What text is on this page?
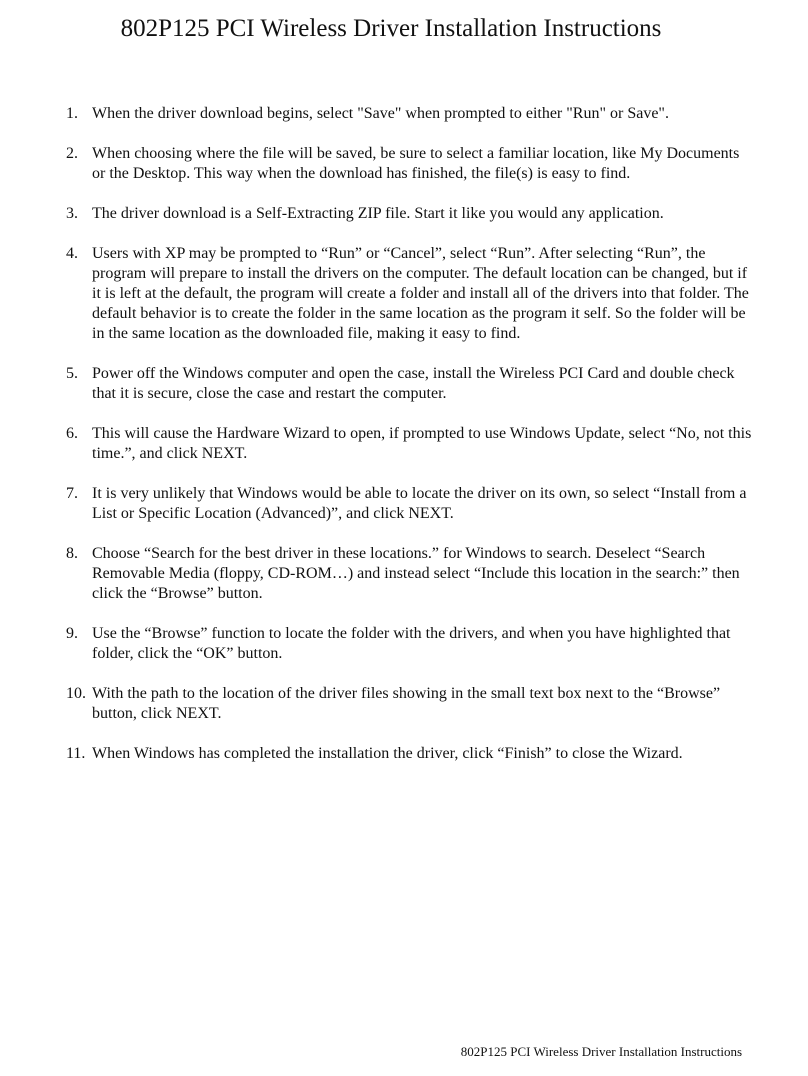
802P125 PCI Wireless Driver Installation Instructions
1. When the driver download begins, select "Save" when prompted to either "Run" or Save".
2. When choosing where the file will be saved, be sure to select a familiar location, like My Documents or the Desktop. This way when the download has finished, the file(s) is easy to find.
3. The driver download is a Self-Extracting ZIP file. Start it like you would any application.
4. Users with XP may be prompted to “Run” or “Cancel”, select “Run”. After selecting “Run”, the program will prepare to install the drivers on the computer. The default location can be changed, but if it is left at the default, the program will create a folder and install all of the drivers into that folder. The default behavior is to create the folder in the same location as the program it self. So the folder will be in the same location as the downloaded file, making it easy to find.
5. Power off the Windows computer and open the case, install the Wireless PCI Card and double check that it is secure, close the case and restart the computer.
6. This will cause the Hardware Wizard to open, if prompted to use Windows Update, select “No, not this time.”, and click NEXT.
7. It is very unlikely that Windows would be able to locate the driver on its own, so select “Install from a List or Specific Location (Advanced)”, and click NEXT.
8. Choose “Search for the best driver in these locations.” for Windows to search. Deselect “Search Removable Media (floppy, CD-ROM…) and instead select “Include this location in the search:” then click the “Browse” button.
9. Use the “Browse” function to locate the folder with the drivers, and when you have highlighted that folder, click the “OK” button.
10. With the path to the location of the driver files showing in the small text box next to the “Browse” button, click NEXT.
11. When Windows has completed the installation the driver, click “Finish” to close the Wizard.
802P125 PCI Wireless Driver Installation Instructions
